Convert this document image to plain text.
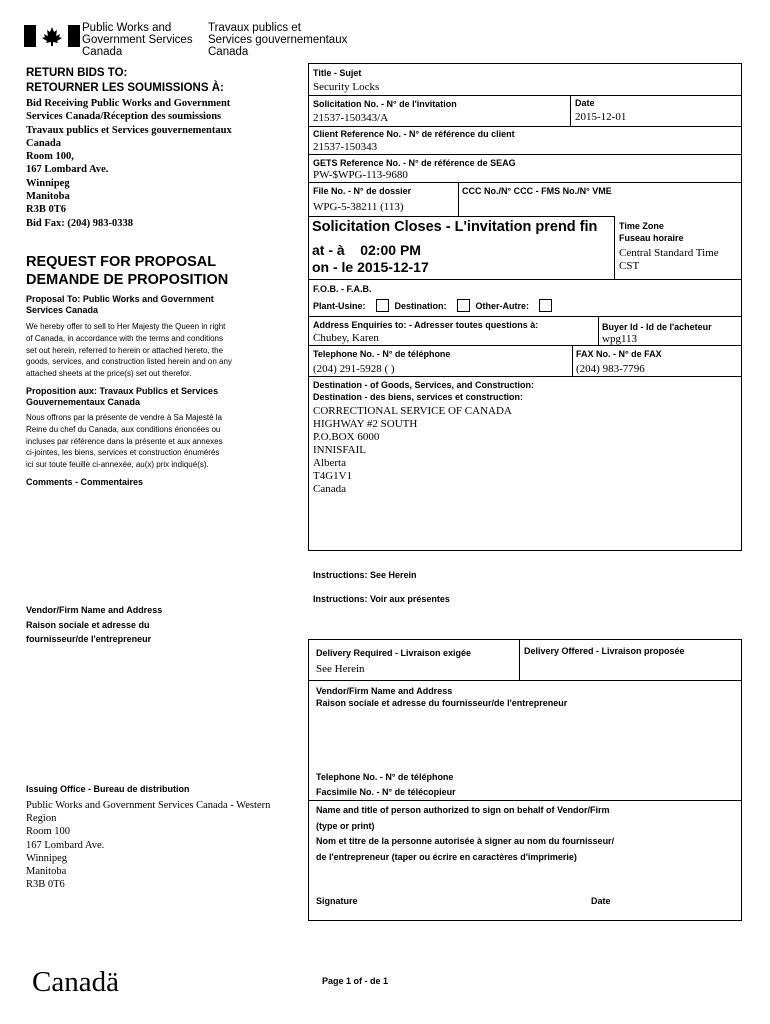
Public Works and
Government Services
Canada
Travaux publics et
Services gouvernementaux
Canada
RETURN BIDS TO:
RETOURNER LES SOUMISSIONS À:
Bid Receiving Public Works and Government
Services Canada/Réception des soumissions
Travaux publics et Services gouvernementaux
Canada
Room 100,
167 Lombard Ave.
Winnipeg
Manitoba
R3B 0T6
Bid Fax: (204) 983-0338
REQUEST FOR PROPOSAL
DEMANDE DE PROPOSITION
Proposal To: Public Works and Government
Services Canada
We hereby offer to sell to Her Majesty the Queen in right
of Canada, in accordance with the terms and conditions
set out herein, referred to herein or attached hereto, the
goods, services, and construction listed herein and on any
attached sheets at the price(s) set out therefor.
Proposition aux: Travaux Publics et Services
Gouvernementaux Canada
Nous offrons par la présente de vendre à Sa Majesté la
Reine du chef du Canada, aux conditions énoncées ou
incluses par référence dans la présente et aux annexes
ci-jointes, les biens, services et construction énumérés
ici sur toute feuille ci-annexée, au(x) prix indiqué(s).
Comments - Commentaires
Vendor/Firm Name and Address
Raison sociale et adresse du
fournisseur/de l'entrepreneur
Issuing Office - Bureau de distribution
Public Works and Government Services Canada - Western
Region
Room 100
167 Lombard Ave.
Winnipeg
Manitoba
R3B 0T6
Canadä
Title - Sujet
Security Locks
Solicitation No. - N° de l'invitation
21537-150343/A
Date
2015-12-01
Client Reference No. - N° de référence du client
21537-150343
GETS Reference No. - N° de référence de SEAG
PW-$WPG-113-9680
File No. - N° de dossier
WPG-5-38211 (113)
CCC No./N° CCC - FMS No./N° VME
Solicitation Closes - L'invitation prend fin
at - à 02:00 PM
on - le 2015-12-17
Time Zone
Fuseau horaire
Central Standard Time
CST
F.O.B. - F.A.B.
Plant-Usine:	Destination:	Other-Autre:
Address Enquiries to: - Adresser toutes questions à:
Chubey, Karen
Buyer Id - Id de l'acheteur
wpg113
Telephone No. - N° de téléphone
(204) 291-5928 ( )
FAX No. - N° de FAX
(204) 983-7796
Destination - of Goods, Services, and Construction:
Destination - des biens, services et construction:
CORRECTIONAL SERVICE OF CANADA
HIGHWAY #2 SOUTH
P.O.BOX 6000
INNISFAIL
Alberta
T4G1V1
Canada
Instructions: See Herein
Instructions: Voir aux présentes
Delivery Required - Livraison exigée
See Herein
Delivery Offered - Livraison proposée
Vendor/Firm Name and Address
Raison sociale et adresse du fournisseur/de l'entrepreneur
Telephone No. - N° de téléphone
Facsimile No. - N° de télécopieur
Name and title of person authorized to sign on behalf of Vendor/Firm
(type or print)
Nom et titre de la personne autorisée à signer au nom du fournisseur/
de l'entrepreneur (taper ou écrire en caractères d'imprimerie)
Signature	Date
Page 1 of - de 1
